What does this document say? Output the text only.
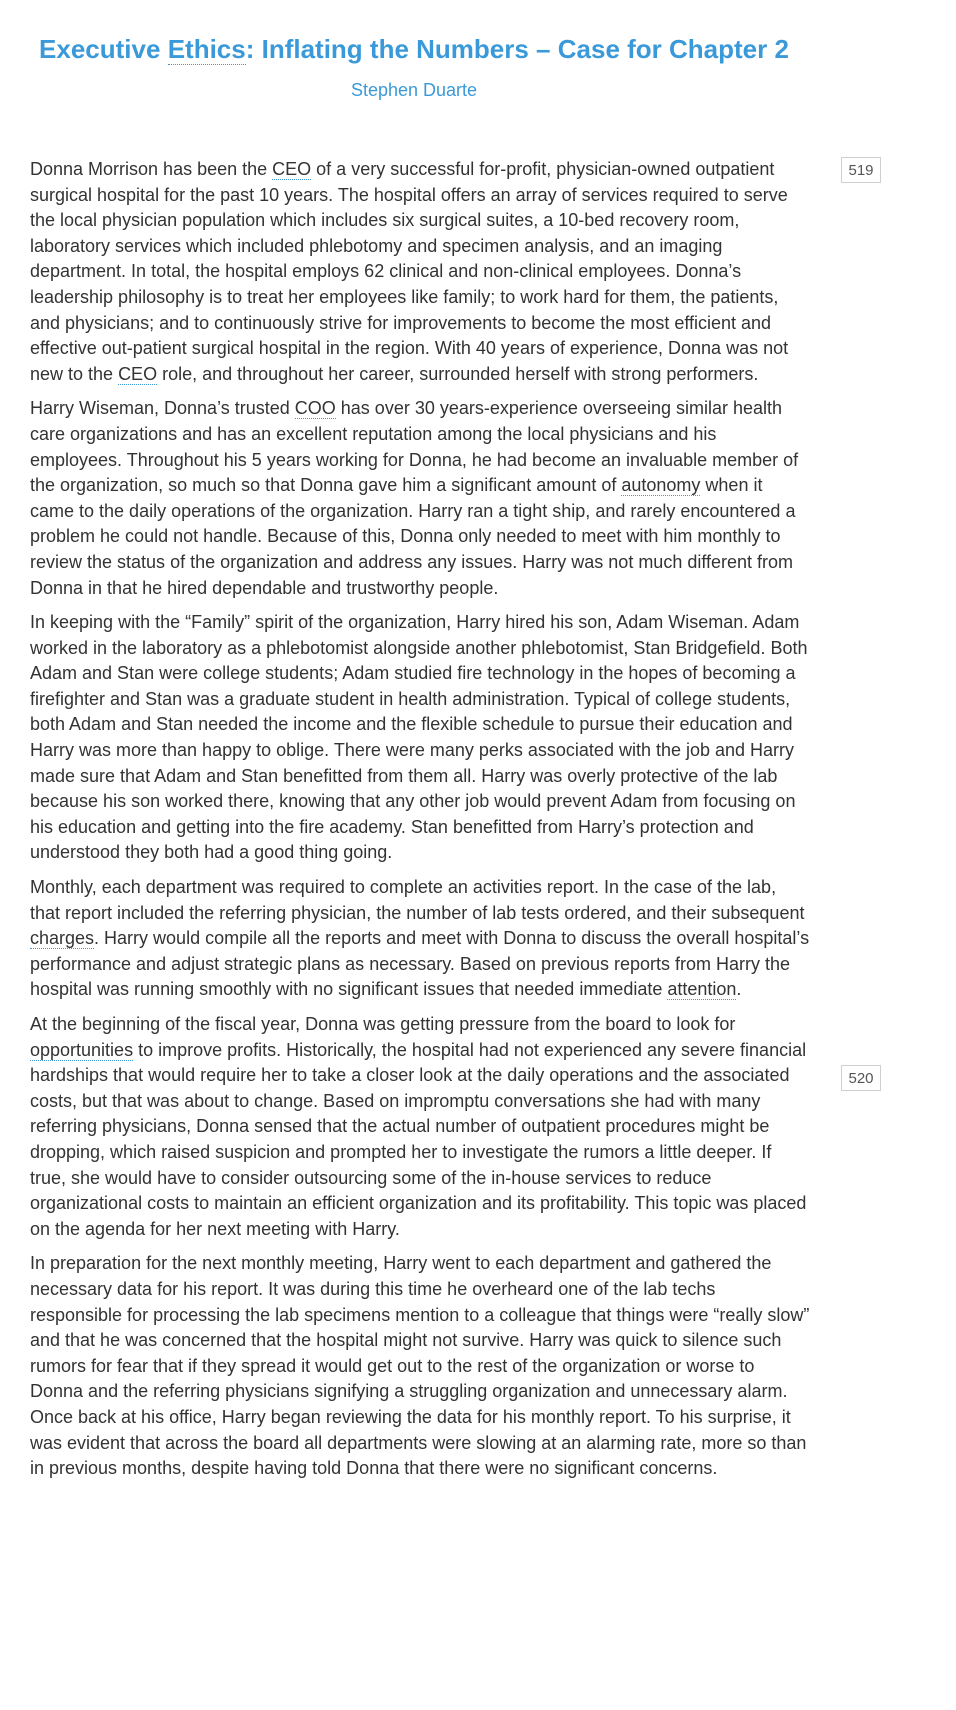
Executive Ethics: Inflating the Numbers – Case for Chapter 2
Stephen Duarte
519
520

Donna Morrison has been the CEO of a very successful for-profit, physician-owned outpatient surgical hospital for the past 10 years. The hospital offers an array of services required to serve the local physician population which includes six surgical suites, a 10-bed recovery room, laboratory services which included phlebotomy and specimen analysis, and an imaging department. In total, the hospital employs 62 clinical and non-clinical employees. Donna’s leadership philosophy is to treat her employees like family; to work hard for them, the patients, and physicians; and to continuously strive for improvements to become the most efficient and effective out-patient surgical hospital in the region. With 40 years of experience, Donna was not new to the CEO role, and throughout her career, surrounded herself with strong performers.

Harry Wiseman, Donna’s trusted COO has over 30 years-experience overseeing similar health care organizations and has an excellent reputation among the local physicians and his employees. Throughout his 5 years working for Donna, he had become an invaluable member of the organization, so much so that Donna gave him a significant amount of autonomy when it came to the daily operations of the organization. Harry ran a tight ship, and rarely encountered a problem he could not handle. Because of this, Donna only needed to meet with him monthly to review the status of the organization and address any issues. Harry was not much different from Donna in that he hired dependable and trustworthy people.

In keeping with the “Family” spirit of the organization, Harry hired his son, Adam Wiseman. Adam worked in the laboratory as a phlebotomist alongside another phlebotomist, Stan Bridgefield. Both Adam and Stan were college students; Adam studied fire technology in the hopes of becoming a firefighter and Stan was a graduate student in health administration. Typical of college students, both Adam and Stan needed the income and the flexible schedule to pursue their education and Harry was more than happy to oblige. There were many perks associated with the job and Harry made sure that Adam and Stan benefitted from them all. Harry was overly protective of the lab because his son worked there, knowing that any other job would prevent Adam from focusing on his education and getting into the fire academy. Stan benefitted from Harry’s protection and understood they both had a good thing going.

Monthly, each department was required to complete an activities report. In the case of the lab, that report included the referring physician, the number of lab tests ordered, and their subsequent charges. Harry would compile all the reports and meet with Donna to discuss the overall hospital’s performance and adjust strategic plans as necessary. Based on previous reports from Harry the hospital was running smoothly with no significant issues that needed immediate attention.

At the beginning of the fiscal year, Donna was getting pressure from the board to look for opportunities to improve profits. Historically, the hospital had not experienced any severe financial hardships that would require her to take a closer look at the daily operations and the associated costs, but that was about to change. Based on impromptu conversations she had with many referring physicians, Donna sensed that the actual number of outpatient procedures might be dropping, which raised suspicion and prompted her to investigate the rumors a little deeper. If true, she would have to consider outsourcing some of the in-house services to reduce organizational costs to maintain an efficient organization and its profitability. This topic was placed on the agenda for her next meeting with Harry.

In preparation for the next monthly meeting, Harry went to each department and gathered the necessary data for his report. It was during this time he overheard one of the lab techs responsible for processing the lab specimens mention to a colleague that things were “really slow” and that he was concerned that the hospital might not survive. Harry was quick to silence such rumors for fear that if they spread it would get out to the rest of the organization or worse to Donna and the referring physicians signifying a struggling organization and unnecessary alarm. Once back at his office, Harry began reviewing the data for his monthly report. To his surprise, it was evident that across the board all departments were slowing at an alarming rate, more so than in previous months, despite having told Donna that there were no significant concerns.
